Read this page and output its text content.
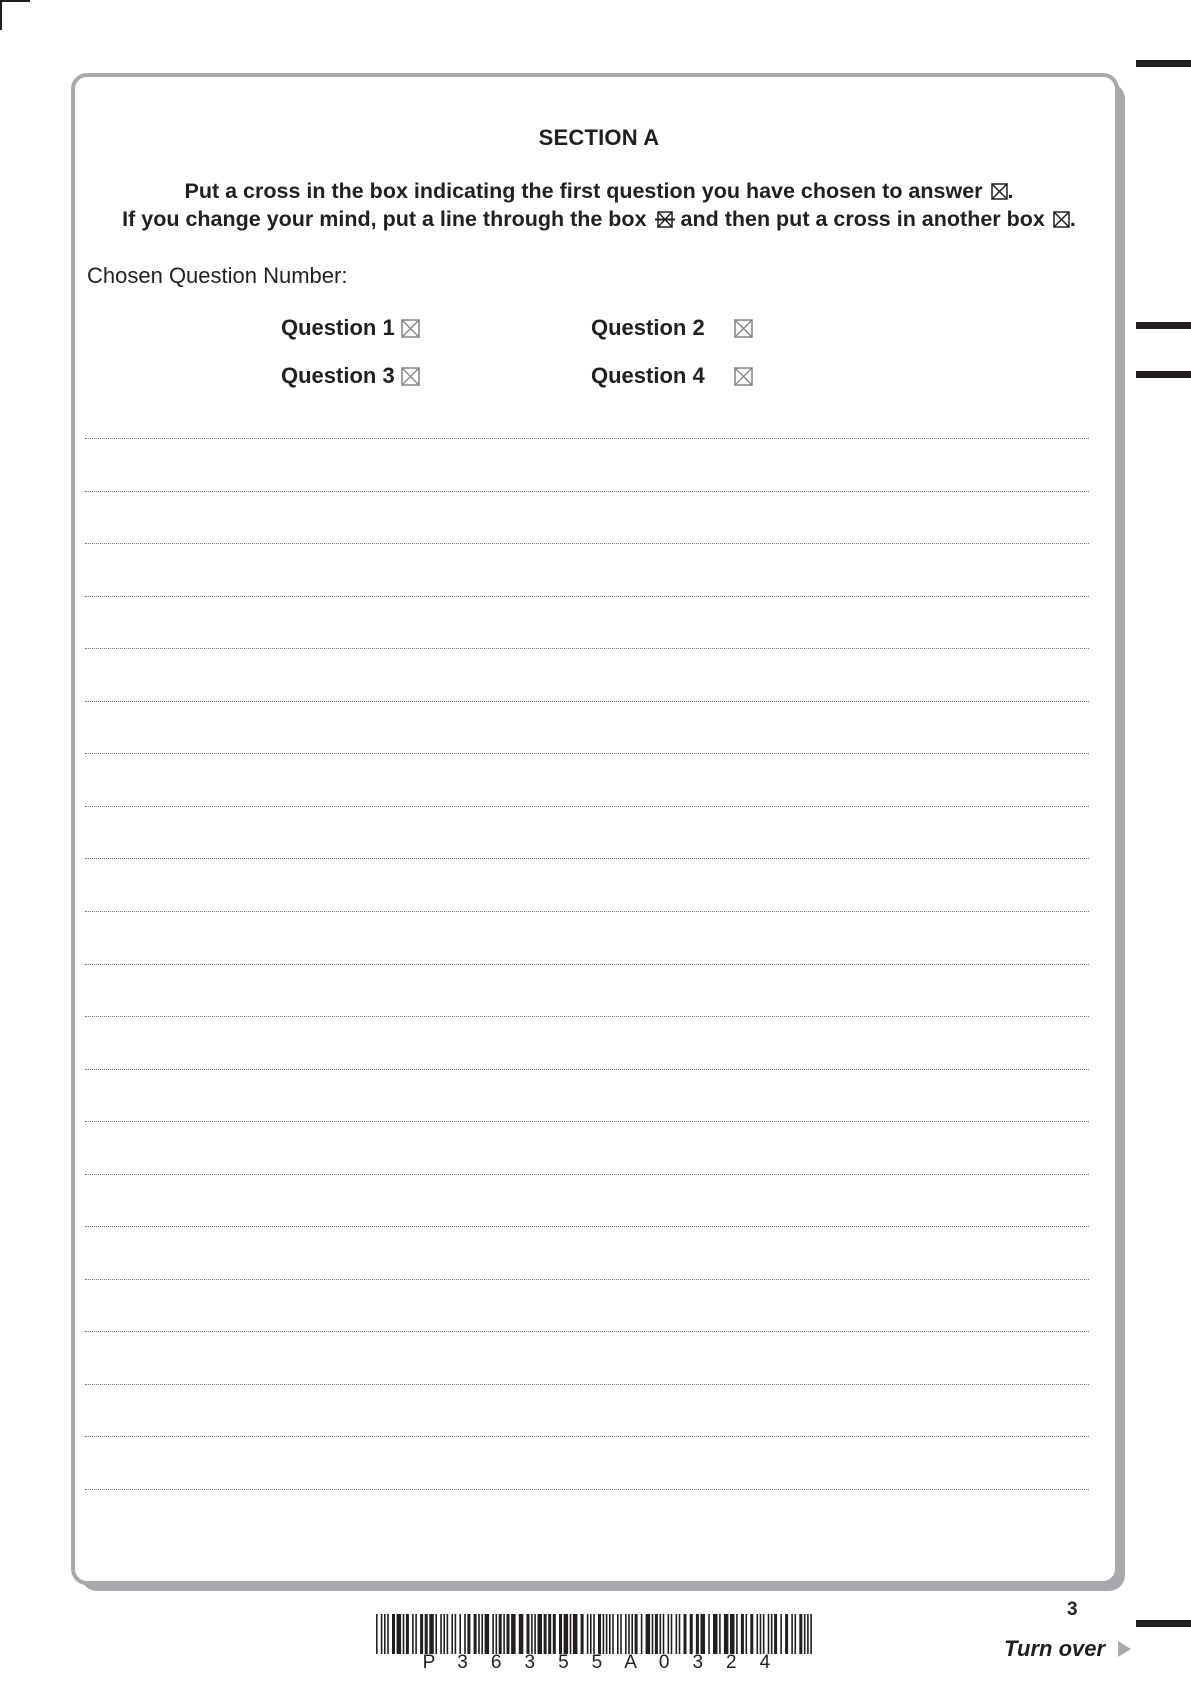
SECTION A
Put a cross in the box indicating the first question you have chosen to answer ☒.
If you change your mind, put a line through the box and then put a cross in another box ☒.
Chosen Question Number:
Question 1	Question 2
Question 3	Question 4
3
P	3	6	3	5	5	A	0	3	2	4
Turn over
